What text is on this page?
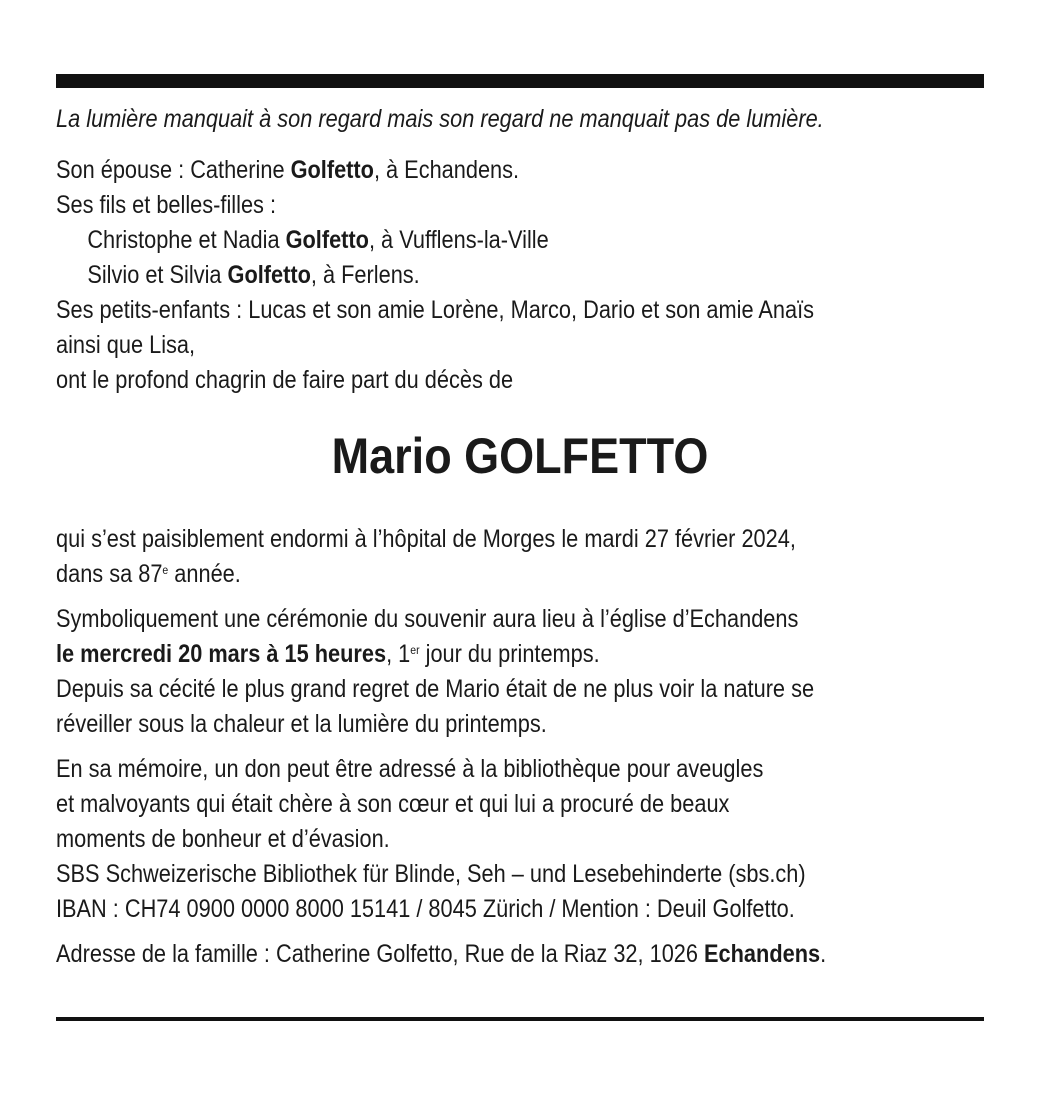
La lumière manquait à son regard mais son regard ne manquait pas de lumière.
Son épouse : Catherine Golfetto, à Echandens.
Ses fils et belles-filles :
Christophe et Nadia Golfetto, à Vufflens-la-Ville
Silvio et Silvia Golfetto, à Ferlens.
Ses petits-enfants : Lucas et son amie Lorène, Marco, Dario et son amie Anaïs
ainsi que Lisa,
ont le profond chagrin de faire part du décès de
Mario GOLFETTO
qui s’est paisiblement endormi à l’hôpital de Morges le mardi 27 février 2024,
dans sa 87e année.
Symboliquement une cérémonie du souvenir aura lieu à l’église d’Echandens
le mercredi 20 mars à 15 heures, 1er jour du printemps.
Depuis sa cécité le plus grand regret de Mario était de ne plus voir la nature se
réveiller sous la chaleur et la lumière du printemps.
En sa mémoire, un don peut être adressé à la bibliothèque pour aveugles
et malvoyants qui était chère à son cœur et qui lui a procuré de beaux
moments de bonheur et d’évasion.
SBS Schweizerische Bibliothek für Blinde, Seh – und Lesebehinderte (sbs.ch)
IBAN : CH74 0900 0000 8000 15141 / 8045 Zürich / Mention : Deuil Golfetto.
Adresse de la famille : Catherine Golfetto, Rue de la Riaz 32, 1026 Echandens.
